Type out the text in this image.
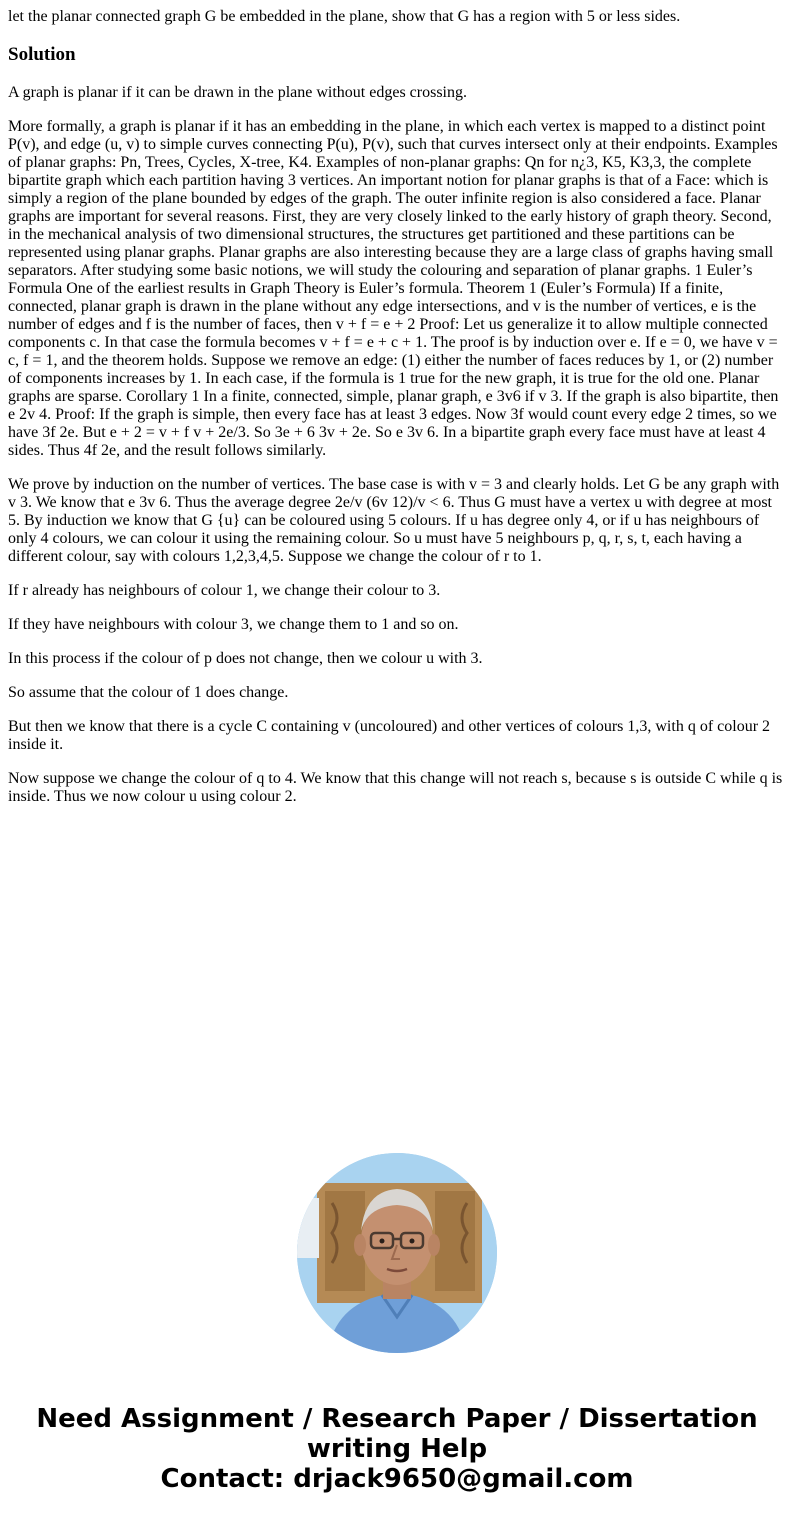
let the planar connected graph G be embedded in the plane, show that G has a region with 5 or less sides.
Solution

A graph is planar if it can be drawn in the plane without edges crossing.

More formally, a graph is planar if it has an embedding in the plane, in which each vertex is mapped to a distinct point P(v), and edge (u, v) to simple curves connecting P(u), P(v), such that curves intersect only at their endpoints. Examples of planar graphs: Pn, Trees, Cycles, X-tree, K4. Examples of non-planar graphs: Qn for n¿3, K5, K3,3, the complete bipartite graph which each partition having 3 vertices. An important notion for planar graphs is that of a Face: which is simply a region of the plane bounded by edges of the graph. The outer infinite region is also considered a face. Planar graphs are important for several reasons. First, they are very closely linked to the early history of graph theory. Second, in the mechanical analysis of two dimensional structures, the structures get partitioned and these partitions can be represented using planar graphs. Planar graphs are also interesting because they are a large class of graphs having small separators. After studying some basic notions, we will study the colouring and separation of planar graphs. 1 Euler’s Formula One of the earliest results in Graph Theory is Euler’s formula. Theorem 1 (Euler’s Formula) If a finite, connected, planar graph is drawn in the plane without any edge intersections, and v is the number of vertices, e is the number of edges and f is the number of faces, then v + f = e + 2 Proof: Let us generalize it to allow multiple connected components c. In that case the formula becomes v + f = e + c + 1. The proof is by induction over e. If e = 0, we have v = c, f = 1, and the theorem holds. Suppose we remove an edge: (1) either the number of faces reduces by 1, or (2) number of components increases by 1. In each case, if the formula is 1 true for the new graph, it is true for the old one. Planar graphs are sparse. Corollary 1 In a finite, connected, simple, planar graph, e 3v6 if v 3. If the graph is also bipartite, then e 2v 4. Proof: If the graph is simple, then every face has at least 3 edges. Now 3f would count every edge 2 times, so we have 3f 2e. But e + 2 = v + f v + 2e/3. So 3e + 6 3v + 2e. So e 3v 6. In a bipartite graph every face must have at least 4 sides. Thus 4f 2e, and the result follows similarly.

We prove by induction on the number of vertices. The base case is with v = 3 and clearly holds. Let G be any graph with v 3. We know that e 3v 6. Thus the average degree 2e/v (6v 12)/v < 6. Thus G must have a vertex u with degree at most 5. By induction we know that G {u} can be coloured using 5 colours. If u has degree only 4, or if u has neighbours of only 4 colours, we can colour it using the remaining colour. So u must have 5 neighbours p, q, r, s, t, each having a different colour, say with colours 1,2,3,4,5. Suppose we change the colour of r to 1.

If r already has neighbours of colour 1, we change their colour to 3.

If they have neighbours with colour 3, we change them to 1 and so on.

In this process if the colour of p does not change, then we colour u with 3.

So assume that the colour of 1 does change.

But then we know that there is a cycle C containing v (uncoloured) and other vertices of colours 1,3, with q of colour 2 inside it.

Now suppose we change the colour of q to 4. We know that this change will not reach s, because s is outside C while q is inside. Thus we now colour u using colour 2.

Need Assignment / Research Paper / Dissertation
writing Help
Contact: drjack9650@gmail.com
